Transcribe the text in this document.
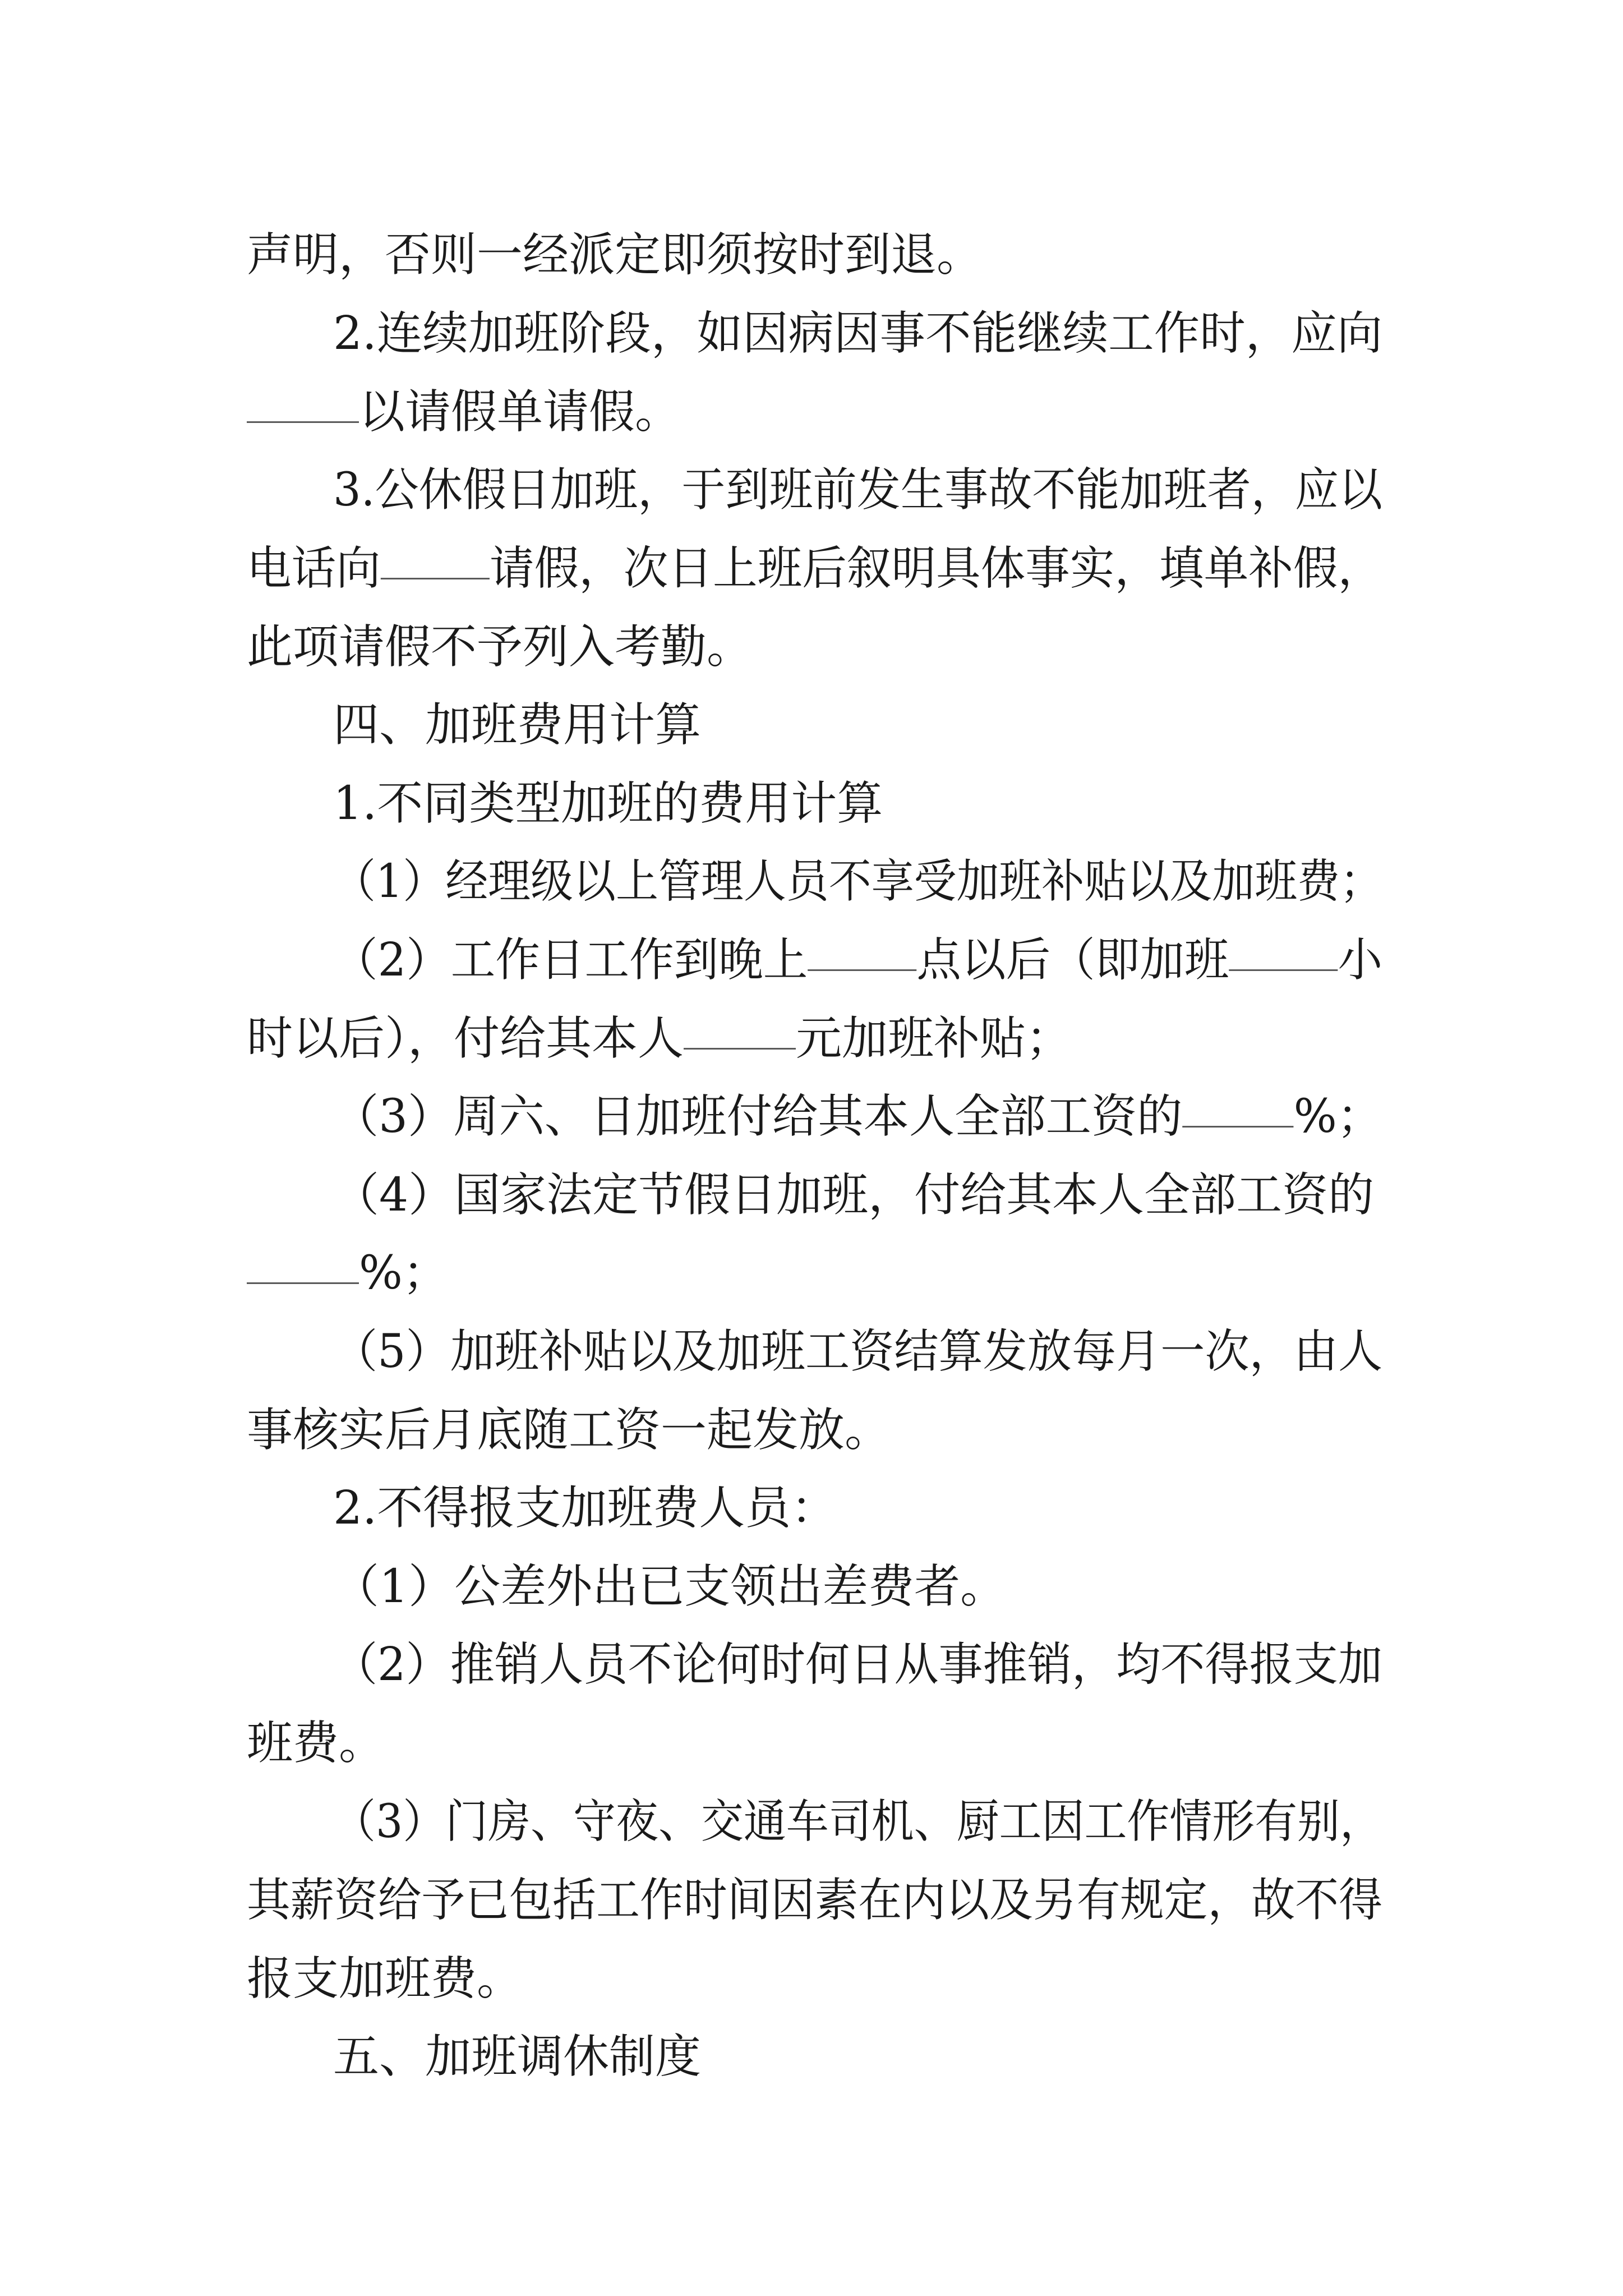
声明，否则一经派定即须按时到退。

2.连续加班阶段，如因病因事不能继续工作时，应向

以请假单请假。

3.公休假日加班，于到班前发生事故不能加班者，应以

电话向 请假，次日上班后叙明具体事实，填单补假，

此项请假不予列入考勤。

四、加班费用计算

1.不同类型加班的费用计算

（1）经理级以上管理人员不享受加班补贴以及加班费；

（2）工作日工作到晚上 点以后（即加班 小

时以后），付给其本人 元加班补贴；

（3）周六、日加班付给其本人全部工资的 %；

（4）国家法定节假日加班，付给其本人全部工资的

%；

（5）加班补贴以及加班工资结算发放每月一次，由人

事核实后月底随工资一起发放。

2.不得报支加班费人员：

（1）公差外出已支领出差费者。

（2）推销人员不论何时何日从事推销，均不得报支加

班费。

（3）门房、守夜、交通车司机、厨工因工作情形有别，

其薪资给予已包括工作时间因素在内以及另有规定，故不得

报支加班费。

五、加班调休制度
